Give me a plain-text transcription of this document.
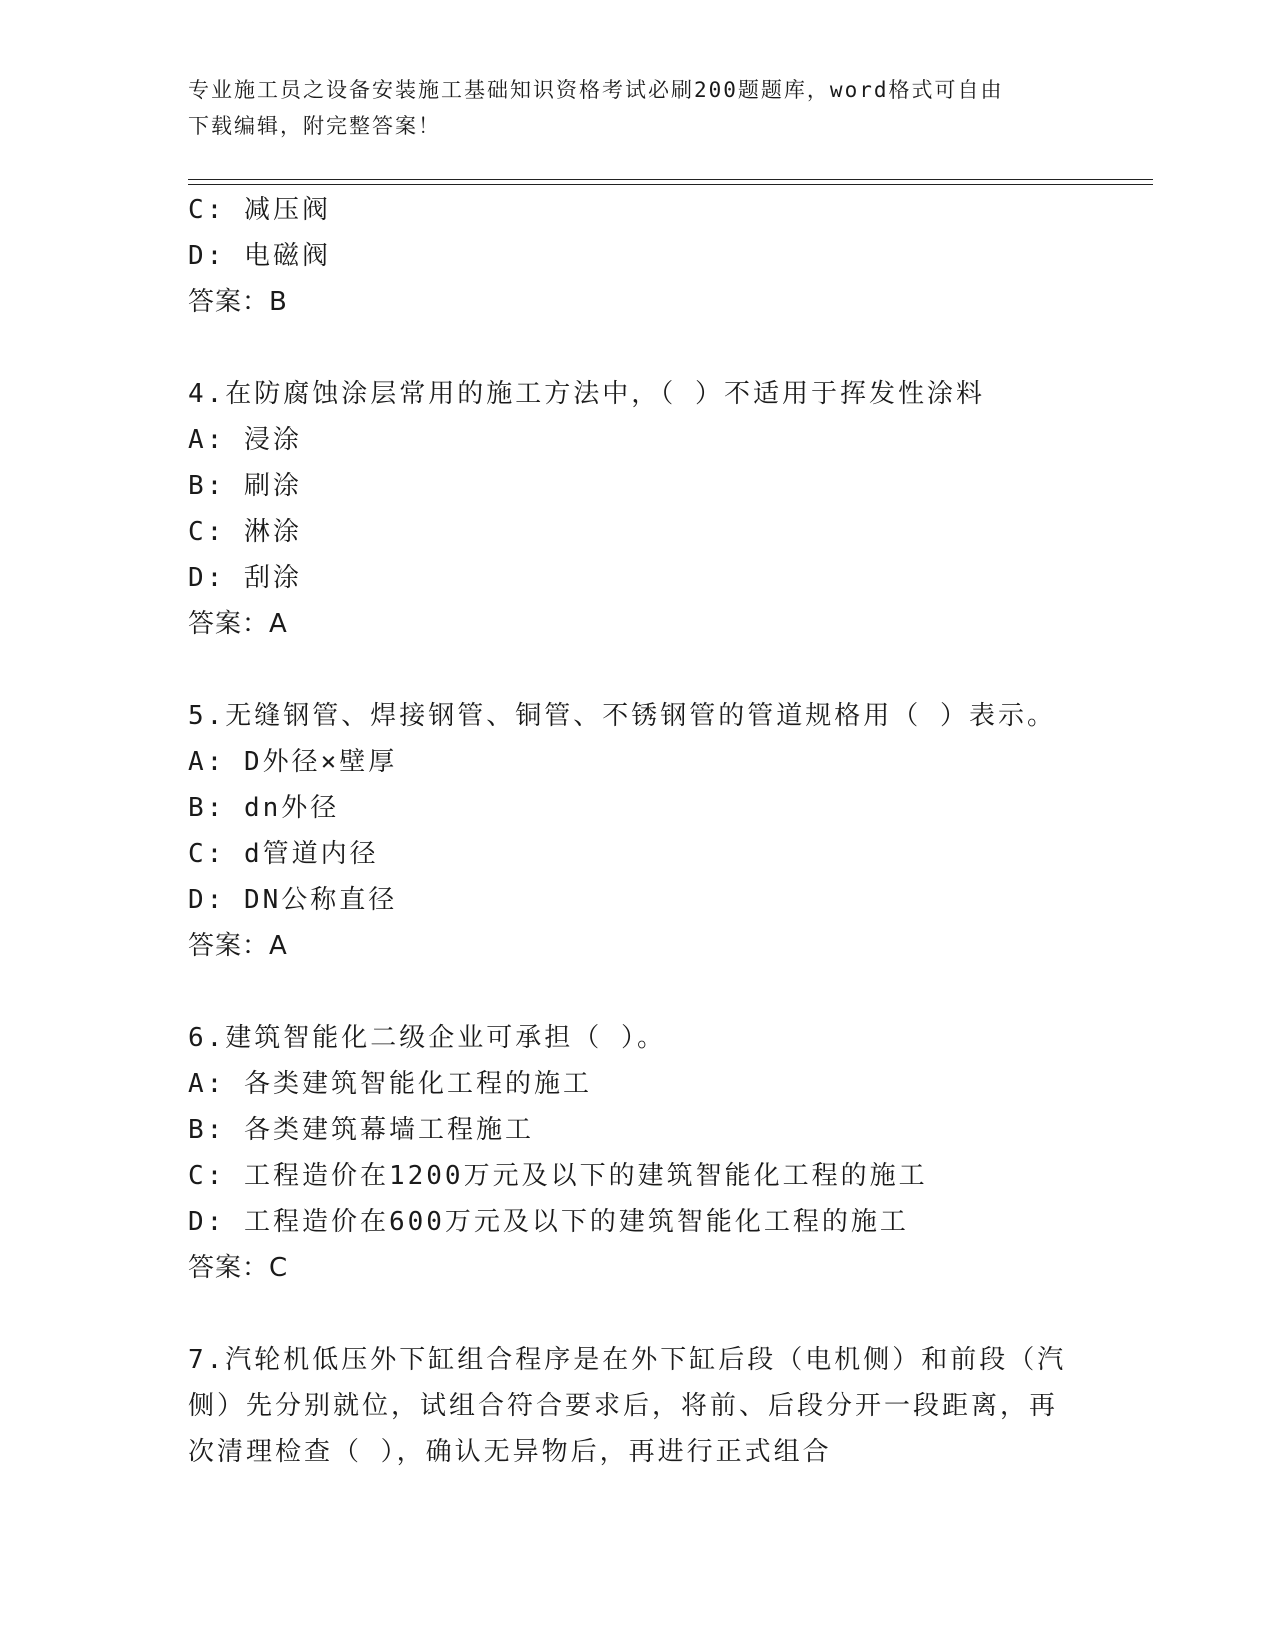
专业施工员之设备安装施工基础知识资格考试必刷200题题库，word格式可自由
下载编辑，附完整答案！
C: 减压阀
D: 电磁阀
答案：B
4.在防腐蚀涂层常用的施工方法中，（ ）不适用于挥发性涂料
A: 浸涂
B: 刷涂
C: 淋涂
D: 刮涂
答案：A
5.无缝钢管、焊接钢管、铜管、不锈钢管的管道规格用（ ）表示。
A: D外径×壁厚
B: dn外径
C: d管道内径
D: DN公称直径
答案：A
6.建筑智能化二级企业可承担（ ）。
A: 各类建筑智能化工程的施工
B: 各类建筑幕墙工程施工
C: 工程造价在1200万元及以下的建筑智能化工程的施工
D: 工程造价在600万元及以下的建筑智能化工程的施工
答案：C
7.汽轮机低压外下缸组合程序是在外下缸后段（电机侧）和前段（汽
侧）先分别就位，试组合符合要求后，将前、后段分开一段距离，再
次清理检查（ ），确认无异物后，再进行正式组合
